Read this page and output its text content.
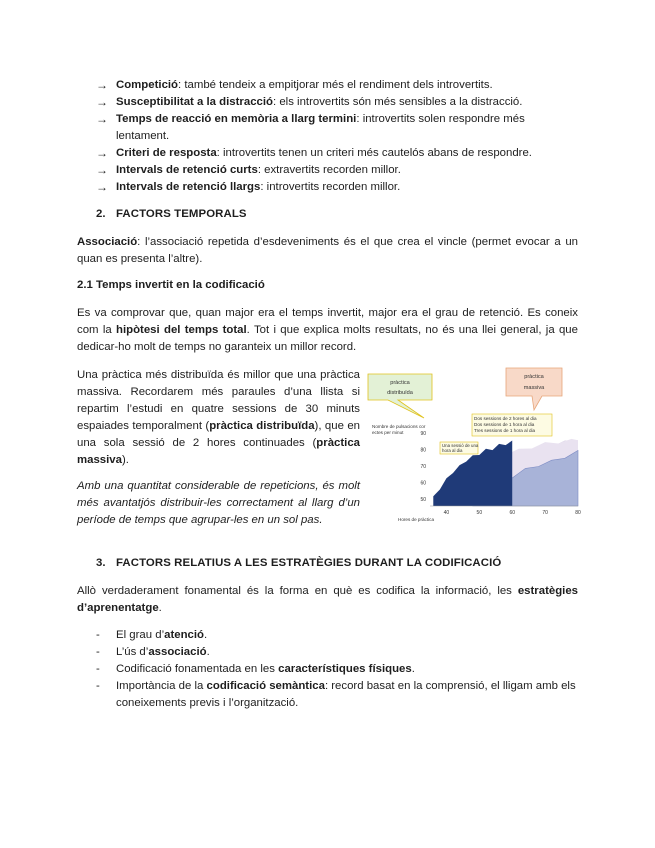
→ Competició: també tendeix a empitjorar més el rendiment dels introvertits.
→ Susceptibilitat a la distracció: els introvertits són més sensibles a la distracció.
→ Temps de reacció en memòria a llarg termini: introvertits solen respondre més lentament.
→ Criteri de resposta: introvertits tenen un criteri més cautelós abans de respondre.
→ Intervals de retenció curts: extravertits recorden millor.
→ Intervals de retenció llargs: introvertits recorden millor.
2. FACTORS TEMPORALS
Associació: l’associació repetida d’esdeveniments és el que crea el vincle (permet evocar a un quan es presenta l’altre).
2.1 Temps invertit en la codificació
Es va comprovar que, quan major era el temps invertit, major era el grau de retenció. Es coneix com la hipòtesi del temps total. Tot i que explica molts resultats, no és una llei general, ja que dedicar-ho molt de temps no garanteix un millor record.
Una pràctica més distribuïda és millor que una pràctica massiva. Recordarem més paraules d’una llista si repartim l’estudi en quatre sessions de 30 minuts espaiades temporalment (pràctica distribuïda), que en una sola sessió de 2 hores continuades (pràctica massiva).
Amb una quantitat considerable de repeticions, és molt més avantatjós distribuir-les correctament al llarg d’un període de temps que agrupar-les en un sol pas.
50
60
70
80
90
40	50	60	70	80
Nombre de pulsacions cor
ectes per minut
Hores de pràctica
Dos sessions de 2 hores al dia
Dos sessions de 1 hora al dia
Tres sessions de 1 hora al dia
Una sessió de una
hora al dia
pràctica
distribuïda
pràctica
massiva
3. FACTORS RELATIUS A LES ESTRATÈGIES DURANT LA CODIFICACIÓ
Allò verdaderament fonamental és la forma en què es codifica la informació, les estratègies d’aprenentatge.
-	El grau d’atenció.
-	L’ús d’associació.
-	Codificació fonamentada en les característiques físiques.
-	Importància de la codificació semàntica: record basat en la comprensió, el lligam amb els coneixements previs i l’organització.
